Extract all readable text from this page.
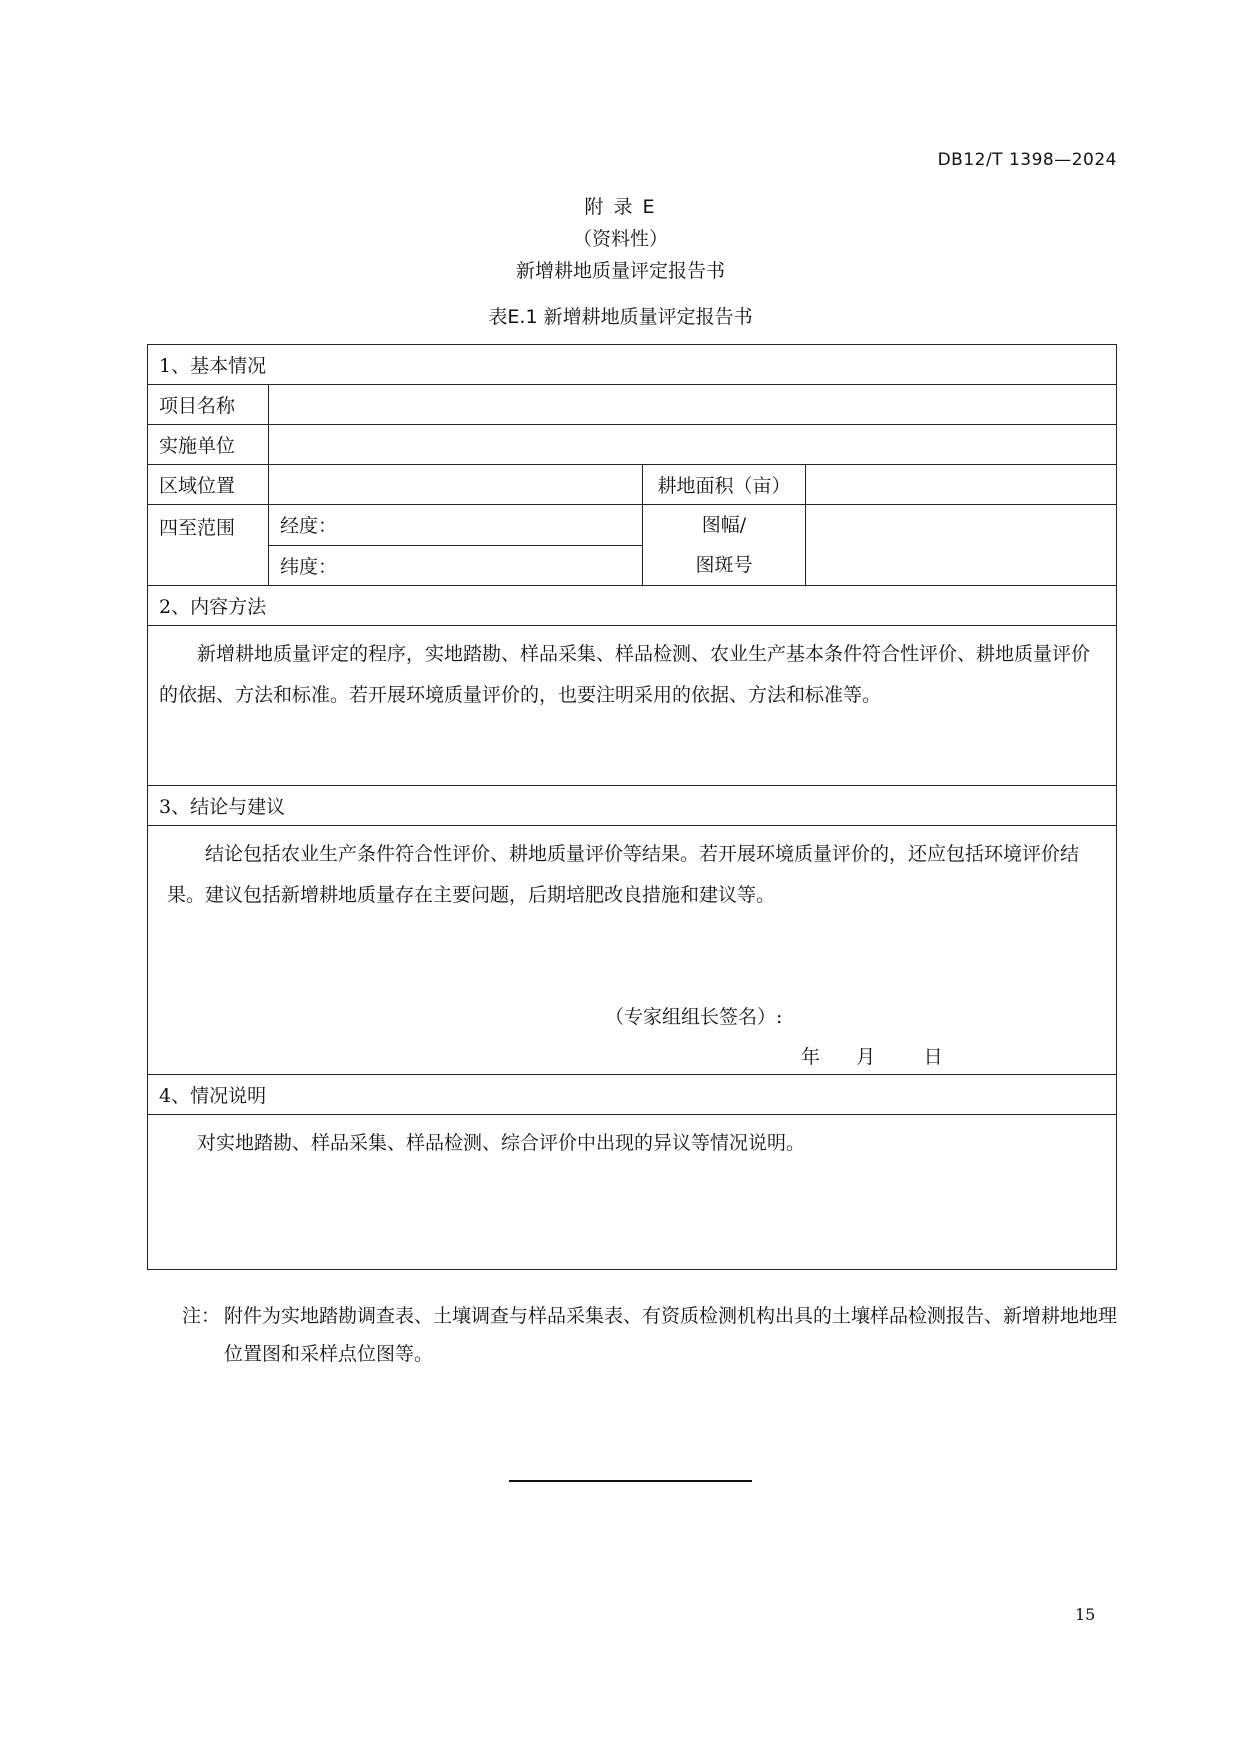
DB12/T 1398—2024
附 录 E
（资料性）
新增耕地质量评定报告书
表E.1 新增耕地质量评定报告书
1、基本情况			
项目名称			
实施单位			
区域位置		耕地面积（亩）	
四至范围	经度：	图幅/
图斑号	

	纬度：		
2、内容方法			
新增耕地质量评定的程序，实地踏勘、样品采集、样品检测、农业生产基本条件符合性评价、耕地质量评价的依据、方法和标准。若开展环境质量评价的，也要注明采用的依据、方法和标准等。			
3、结论与建议			

结论包括农业生产条件符合性评价、耕地质量评价等结果。若开展环境质量评价的，还应包括环境评价结果。建议包括新增耕地质量存在主要问题，后期培肥改良措施和建议等。
（专家组组长签名）:
年 月 日			

4、情况说明			
对实地踏勘、样品采集、样品检测、综合评价中出现的异议等情况说明。			
注： 附件为实地踏勘调查表、土壤调查与样品采集表、有资质检测机构出具的土壤样品检测报告、新增耕地地理位置图和采样点位图等。
15
